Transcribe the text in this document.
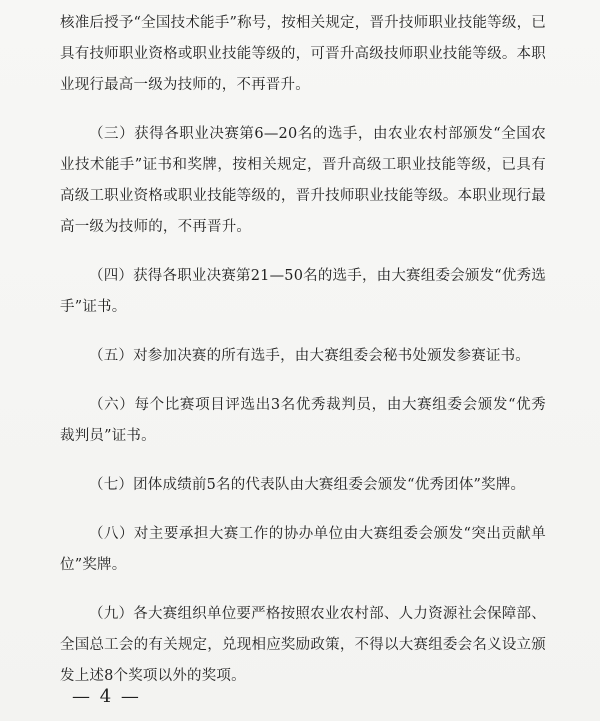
核准后授予“全国技术能手”称号，按相关规定，晋升技师职业技能等级，已具有技师职业资格或职业技能等级的，可晋升高级技师职业技能等级。本职业现行最高一级为技师的，不再晋升。

（三）获得各职业决赛第6—20名的选手，由农业农村部颁发“全国农业技术能手”证书和奖牌，按相关规定，晋升高级工职业技能等级，已具有高级工职业资格或职业技能等级的，晋升技师职业技能等级。本职业现行最高一级为技师的，不再晋升。

（四）获得各职业决赛第21—50名的选手，由大赛组委会颁发“优秀选手”证书。

（五）对参加决赛的所有选手，由大赛组委会秘书处颁发参赛证书。

（六）每个比赛项目评选出3名优秀裁判员，由大赛组委会颁发“优秀裁判员”证书。

（七）团体成绩前5名的代表队由大赛组委会颁发“优秀团体”奖牌。

（八）对主要承担大赛工作的协办单位由大赛组委会颁发“突出贡献单位”奖牌。

（九）各大赛组织单位要严格按照农业农村部、人力资源社会保障部、全国总工会的有关规定，兑现相应奖励政策，不得以大赛组委会名义设立颁发上述8个奖项以外的奖项。

— 4 —
